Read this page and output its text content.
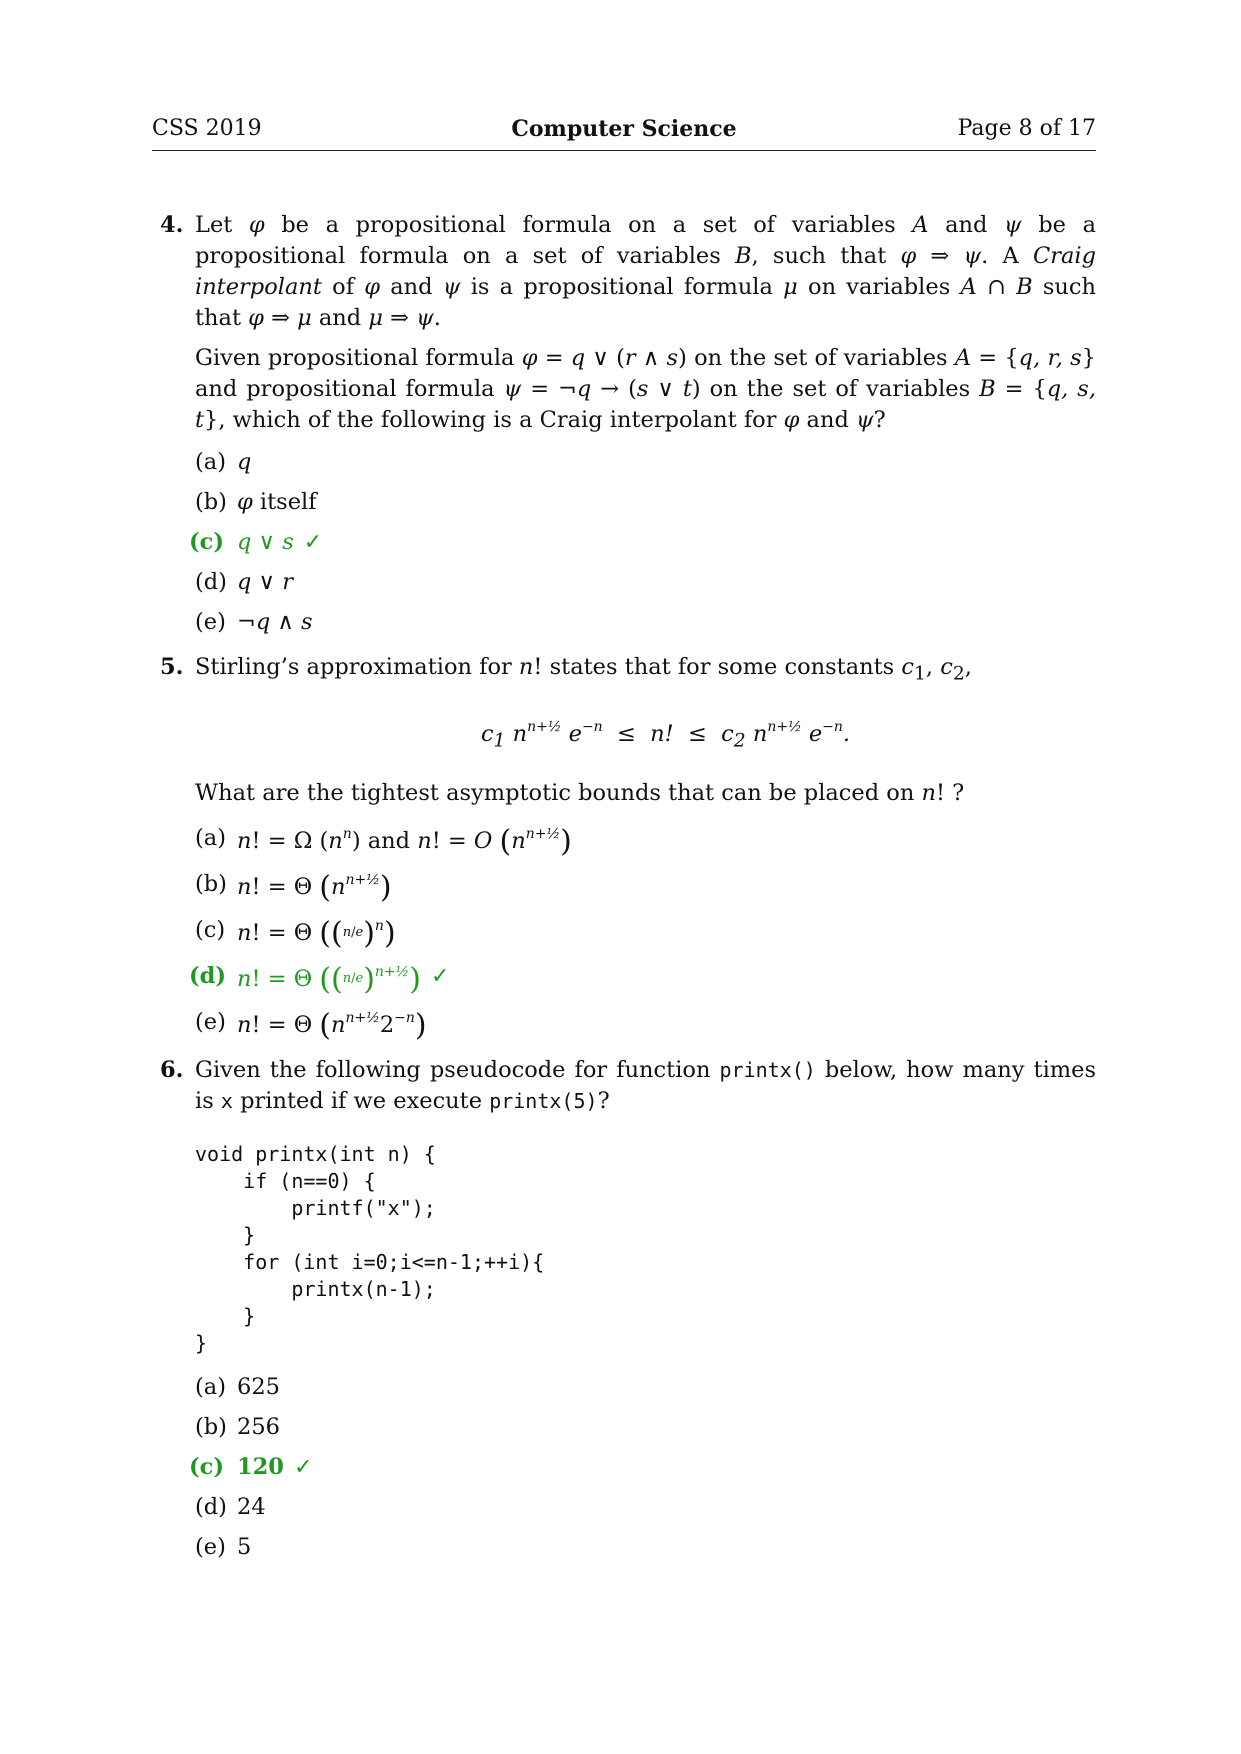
CSS 2019	Computer Science	Page 8 of 17
4. Let φ be a propositional formula on a set of variables A and ψ be a propositional formula on a set of variables B, such that φ ⇒ ψ. A Craig interpolant of φ and ψ is a propositional formula μ on variables A ∩ B such that φ ⇒ μ and μ ⇒ ψ.

Given propositional formula φ = q ∨ (r ∧ s) on the set of variables A = {q, r, s} and propositional formula ψ = ¬q → (s ∨ t) on the set of variables B = {q, s, t}, which of the following is a Craig interpolant for φ and ψ?

(a) q
(b) φ itself
(c) q ∨ s ✓
(d) q ∨ r
(e) ¬q ∧ s
5. Stirling’s approximation for n! states that for some constants $c_1$, $c_2$,

$c_1$ $n^{n+\frac{1}{2}}$ $e^{-n} \le n$!  ≤  $c_2$ $n^{n+\frac{1}{2}}$ $e^{-n}$.

What are the tightest asymptotic bounds that can be placed on n! ?

(a) n! = Ω $(n^n)$ and n! = O $(n^{n+\frac{1}{2}})$
(b) n! = Θ $(n^{n+\frac{1}{2}})$
(c) n! = Θ $((n/e)^n)$
(d) n! = Θ $((n/e)^{n+\frac{1}{2}})$ ✓
(e) n! = Θ $(n^{n+\frac{1}{2}}2^{-n})$
6. Given the following pseudocode for function printx() below, how many times is x printed if we execute printx(5)?

void printx(int n) {
if (n==0) {
printf("x");
}
for (int i=0;i<=n-1;++i){
printx(n-1);
}
}
(a) 625
(b) 256
(c) 120 ✓
(d) 24
(e) 5
